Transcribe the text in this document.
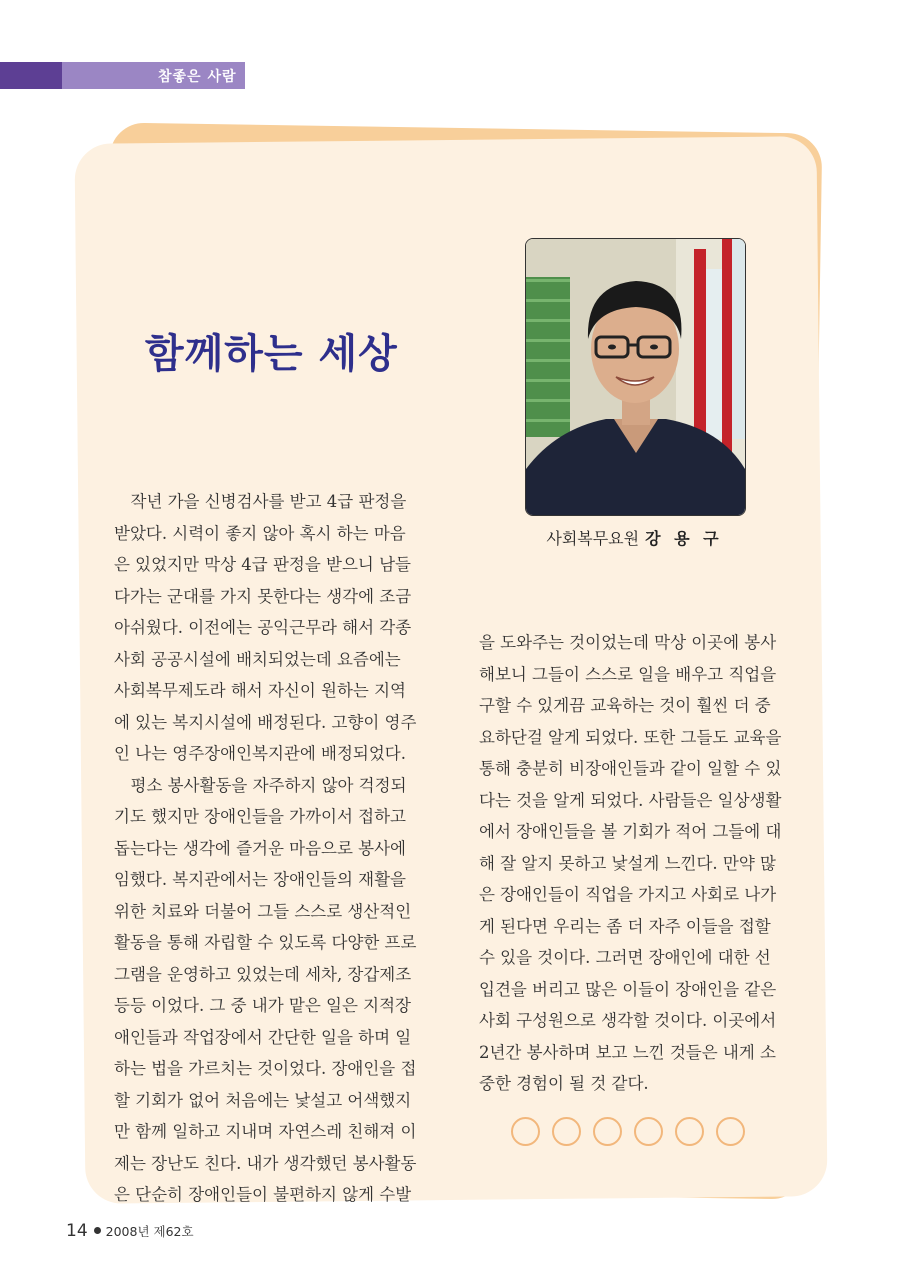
참좋은 사람
함께하는 세상
사회복무요원 강 용 구
　작년 가을 신병검사를 받고 4급 판정을
받았다. 시력이 좋지 않아 혹시 하는 마음
은 있었지만 막상 4급 판정을 받으니 남들
다가는 군대를 가지 못한다는 생각에 조금
아쉬웠다. 이전에는 공익근무라 해서 각종
사회 공공시설에 배치되었는데 요즘에는
사회복무제도라 해서 자신이 원하는 지역
에 있는 복지시설에 배정된다. 고향이 영주
인 나는 영주장애인복지관에 배정되었다.
　평소 봉사활동을 자주하지 않아 걱정되
기도 했지만 장애인들을 가까이서 접하고
돕는다는 생각에 즐거운 마음으로 봉사에
임했다. 복지관에서는 장애인들의 재활을
위한 치료와 더불어 그들 스스로 생산적인
활동을 통해 자립할 수 있도록 다양한 프로
그램을 운영하고 있었는데 세차, 장갑제조
등등 이었다. 그 중 내가 맡은 일은 지적장
애인들과 작업장에서 간단한 일을 하며 일
하는 법을 가르치는 것이었다. 장애인을 접
할 기회가 없어 처음에는 낯설고 어색했지
만 함께 일하고 지내며 자연스레 친해져 이
제는 장난도 친다. 내가 생각했던 봉사활동
은 단순히 장애인들이 불편하지 않게 수발
을 도와주는 것이었는데 막상 이곳에 봉사
해보니 그들이 스스로 일을 배우고 직업을
구할 수 있게끔 교육하는 것이 훨씬 더 중
요하단걸 알게 되었다. 또한 그들도 교육을
통해 충분히 비장애인들과 같이 일할 수 있
다는 것을 알게 되었다. 사람들은 일상생활
에서 장애인들을 볼 기회가 적어 그들에 대
해 잘 알지 못하고 낯설게 느낀다. 만약 많
은 장애인들이 직업을 가지고 사회로 나가
게 된다면 우리는 좀 더 자주 이들을 접할
수 있을 것이다. 그러면 장애인에 대한 선
입견을 버리고 많은 이들이 장애인을 같은
사회 구성원으로 생각할 것이다. 이곳에서
2년간 봉사하며 보고 느낀 것들은 내게 소
중한 경험이 될 것 같다.
14 2008년 제62호
